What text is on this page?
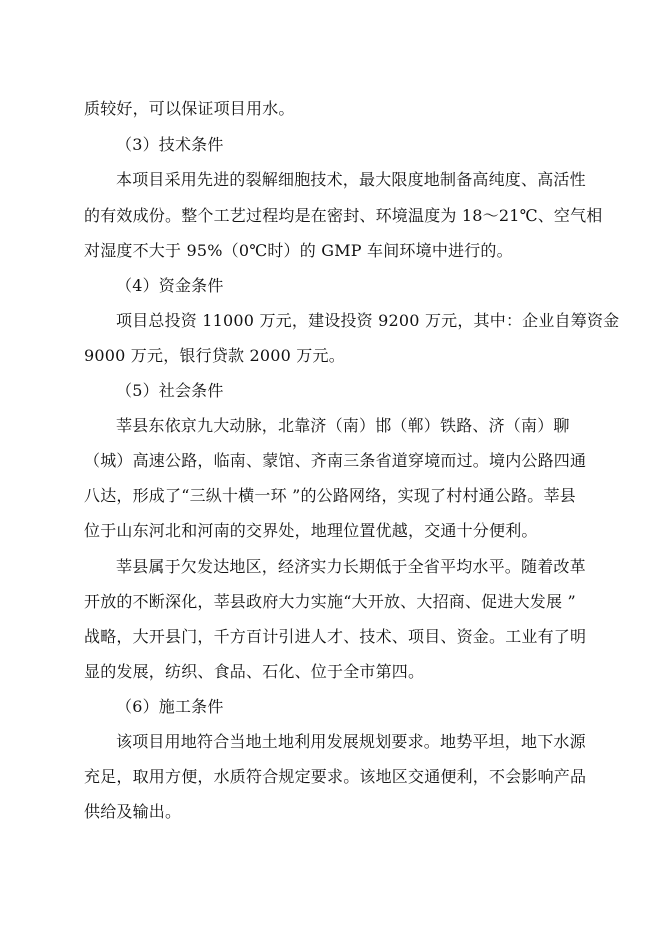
质较好，可以保证项目用水。
（3）技术条件
本项目采用先进的裂解细胞技术，最大限度地制备高纯度、高活性
的有效成份。整个工艺过程均是在密封、环境温度为 18～21℃、空气相
对湿度不大于 95%（0℃时）的 GMP 车间环境中进行的。
（4）资金条件
项目总投资 11000 万元，建设投资 9200 万元，其中：企业自筹资金
9000 万元，银行贷款 2000 万元。
（5）社会条件
莘县东依京九大动脉，北靠济（南）邯（郸）铁路、济（南）聊
（城）高速公路，临南、蒙馆、齐南三条省道穿境而过。境内公路四通
八达，形成了“三纵十横一环 ”的公路网络，实现了村村通公路。莘县
位于山东河北和河南的交界处，地理位置优越，交通十分便利。
莘县属于欠发达地区，经济实力长期低于全省平均水平。随着改革
开放的不断深化，莘县政府大力实施“大开放、大招商、促进大发展 ”
战略，大开县门，千方百计引进人才、技术、项目、资金。工业有了明
显的发展，纺织、食品、石化、位于全市第四。
（6）施工条件
该项目用地符合当地土地利用发展规划要求。地势平坦，地下水源
充足，取用方便，水质符合规定要求。该地区交通便利，不会影响产品
供给及输出。
